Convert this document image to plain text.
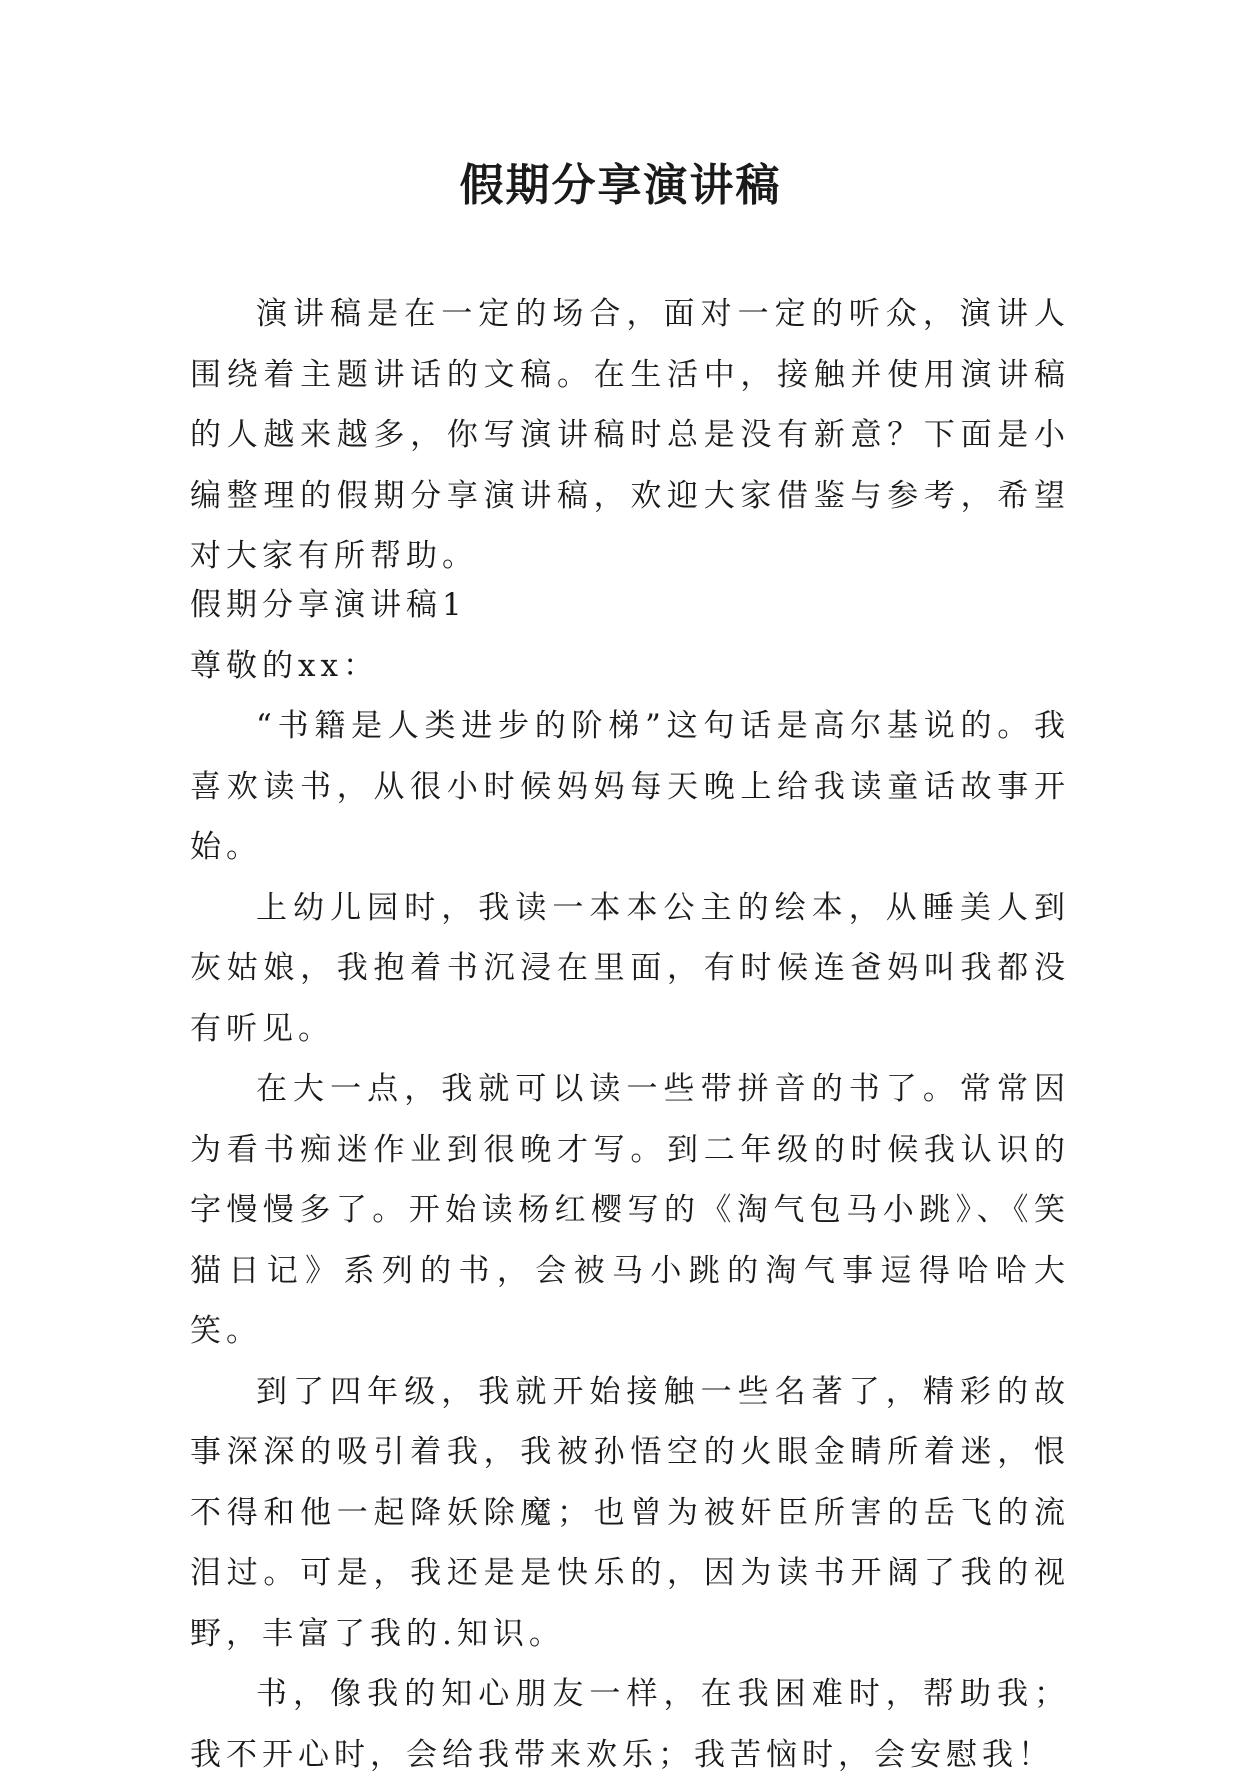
假期分享演讲稿

演讲稿是在一定的场合，面对一定的听众，演讲人围绕着主题讲话的文稿。在生活中，接触并使用演讲稿的人越来越多，你写演讲稿时总是没有新意？下面是小编整理的假期分享演讲稿，欢迎大家借鉴与参考，希望对大家有所帮助。

假期分享演讲稿1

尊敬的xx：

“书籍是人类进步的阶梯”这句话是高尔基说的。我喜欢读书，从很小时候妈妈每天晚上给我读童话故事开始。

上幼儿园时，我读一本本公主的绘本，从睡美人到灰姑娘，我抱着书沉浸在里面，有时候连爸妈叫我都没有听见。

在大一点，我就可以读一些带拼音的书了。常常因为看书痴迷作业到很晚才写。到二年级的时候我认识的字慢慢多了。开始读杨红樱写的《淘气包马小跳》、《笑猫日记》系列的书，会被马小跳的淘气事逗得哈哈大笑。

到了四年级，我就开始接触一些名著了，精彩的故事深深的吸引着我，我被孙悟空的火眼金睛所着迷，恨不得和他一起降妖除魔；也曾为被奸臣所害的岳飞的流泪过。可是，我还是是快乐的，因为读书开阔了我的视野，丰富了我的.知识。

书，像我的知心朋友一样，在我困难时，帮助我；我不开心时，会给我带来欢乐；我苦恼时，会安慰我！
